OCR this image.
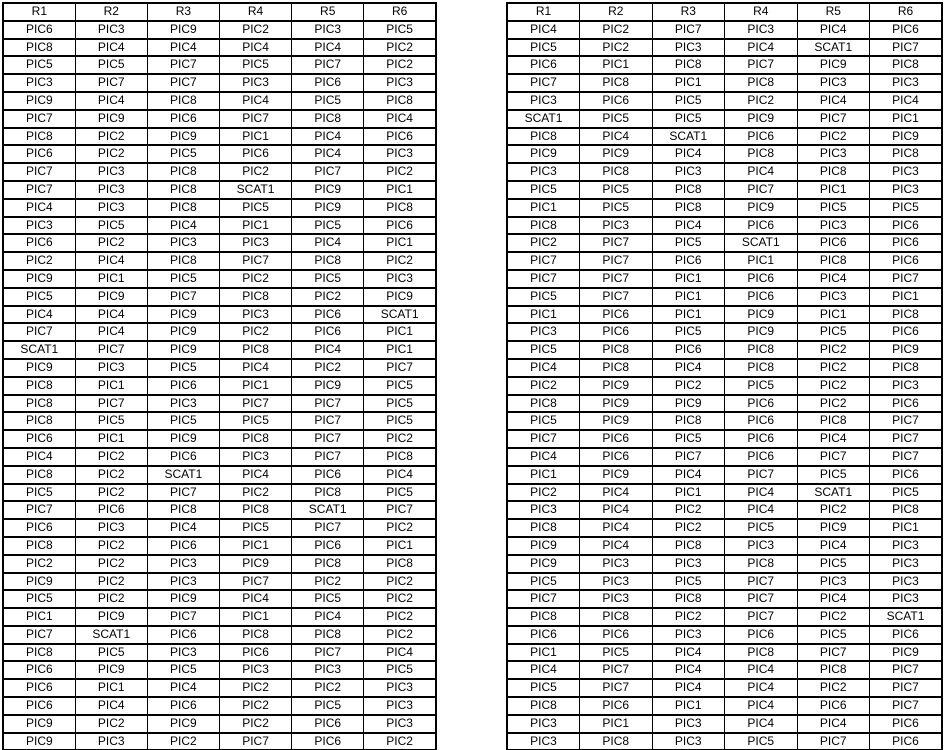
R1	R2	R3	R4	R5	R6
PIC6	PIC3	PIC9	PIC2	PIC3	PIC5
PIC8	PIC4	PIC4	PIC4	PIC4	PIC2
PIC5	PIC5	PIC7	PIC5	PIC7	PIC2
PIC3	PIC7	PIC7	PIC3	PIC6	PIC3
PIC9	PIC4	PIC8	PIC4	PIC5	PIC8
PIC7	PIC9	PIC6	PIC7	PIC8	PIC4
PIC8	PIC2	PIC9	PIC1	PIC4	PIC6
PIC6	PIC2	PIC5	PIC6	PIC4	PIC3
PIC7	PIC3	PIC8	PIC2	PIC7	PIC2
PIC7	PIC3	PIC8	SCAT1	PIC9	PIC1
PIC4	PIC3	PIC8	PIC5	PIC9	PIC8
PIC3	PIC5	PIC4	PIC1	PIC5	PIC6
PIC6	PIC2	PIC3	PIC3	PIC4	PIC1
PIC2	PIC4	PIC8	PIC7	PIC8	PIC2
PIC9	PIC1	PIC5	PIC2	PIC5	PIC3
PIC5	PIC9	PIC7	PIC8	PIC2	PIC9
PIC4	PIC4	PIC9	PIC3	PIC6	SCAT1
PIC7	PIC4	PIC9	PIC2	PIC6	PIC1
SCAT1	PIC7	PIC9	PIC8	PIC4	PIC1
PIC9	PIC3	PIC5	PIC4	PIC2	PIC7
PIC8	PIC1	PIC6	PIC1	PIC9	PIC5
PIC8	PIC7	PIC3	PIC7	PIC7	PIC5
PIC8	PIC5	PIC5	PIC5	PIC7	PIC5
PIC6	PIC1	PIC9	PIC8	PIC7	PIC2
PIC4	PIC2	PIC6	PIC3	PIC7	PIC8
PIC8	PIC2	SCAT1	PIC4	PIC6	PIC4
PIC5	PIC2	PIC7	PIC2	PIC8	PIC5
PIC7	PIC6	PIC8	PIC8	SCAT1	PIC7
PIC6	PIC3	PIC4	PIC5	PIC7	PIC2
PIC8	PIC2	PIC6	PIC1	PIC6	PIC1
PIC2	PIC2	PIC3	PIC9	PIC8	PIC8
PIC9	PIC2	PIC3	PIC7	PIC2	PIC2
PIC5	PIC2	PIC9	PIC4	PIC5	PIC2
PIC1	PIC9	PIC7	PIC1	PIC4	PIC2
PIC7	SCAT1	PIC6	PIC8	PIC8	PIC2
PIC8	PIC5	PIC3	PIC6	PIC7	PIC4
PIC6	PIC9	PIC5	PIC3	PIC3	PIC5
PIC6	PIC1	PIC4	PIC2	PIC2	PIC3
PIC6	PIC4	PIC6	PIC2	PIC5	PIC3
PIC9	PIC2	PIC9	PIC2	PIC6	PIC3
PIC9	PIC3	PIC2	PIC7	PIC6	PIC2

R1	R2	R3	R4	R5	R6
PIC4	PIC2	PIC7	PIC3	PIC4	PIC6
PIC5	PIC2	PIC3	PIC4	SCAT1	PIC7
PIC6	PIC1	PIC8	PIC7	PIC9	PIC8
PIC7	PIC8	PIC1	PIC8	PIC3	PIC3
PIC3	PIC6	PIC5	PIC2	PIC4	PIC4
SCAT1	PIC5	PIC5	PIC9	PIC7	PIC1
PIC8	PIC4	SCAT1	PIC6	PIC2	PIC9
PIC9	PIC9	PIC4	PIC8	PIC3	PIC8
PIC3	PIC8	PIC3	PIC4	PIC8	PIC3
PIC5	PIC5	PIC8	PIC7	PIC1	PIC3
PIC1	PIC5	PIC8	PIC9	PIC5	PIC5
PIC8	PIC3	PIC4	PIC6	PIC3	PIC6
PIC2	PIC7	PIC5	SCAT1	PIC6	PIC6
PIC7	PIC7	PIC6	PIC1	PIC8	PIC6
PIC7	PIC7	PIC1	PIC6	PIC4	PIC7
PIC5	PIC7	PIC1	PIC6	PIC3	PIC1
PIC1	PIC6	PIC1	PIC9	PIC1	PIC8
PIC3	PIC6	PIC5	PIC9	PIC5	PIC6
PIC5	PIC8	PIC6	PIC8	PIC2	PIC9
PIC4	PIC8	PIC4	PIC8	PIC2	PIC8
PIC2	PIC9	PIC2	PIC5	PIC2	PIC3
PIC8	PIC9	PIC9	PIC6	PIC2	PIC6
PIC5	PIC9	PIC8	PIC6	PIC8	PIC7
PIC7	PIC6	PIC5	PIC6	PIC4	PIC7
PIC4	PIC6	PIC7	PIC6	PIC7	PIC7
PIC1	PIC9	PIC4	PIC7	PIC5	PIC6
PIC2	PIC4	PIC1	PIC4	SCAT1	PIC5
PIC3	PIC4	PIC2	PIC4	PIC2	PIC8
PIC8	PIC4	PIC2	PIC5	PIC9	PIC1
PIC9	PIC4	PIC8	PIC3	PIC4	PIC3
PIC9	PIC3	PIC3	PIC8	PIC5	PIC3
PIC5	PIC3	PIC5	PIC7	PIC3	PIC3
PIC7	PIC3	PIC8	PIC7	PIC4	PIC3
PIC8	PIC8	PIC2	PIC7	PIC2	SCAT1
PIC6	PIC6	PIC3	PIC6	PIC5	PIC6
PIC1	PIC5	PIC4	PIC8	PIC7	PIC9
PIC4	PIC7	PIC4	PIC4	PIC8	PIC7
PIC5	PIC7	PIC4	PIC4	PIC2	PIC7
PIC8	PIC6	PIC1	PIC4	PIC6	PIC7
PIC3	PIC1	PIC3	PIC4	PIC4	PIC6
PIC3	PIC8	PIC3	PIC5	PIC7	PIC6
